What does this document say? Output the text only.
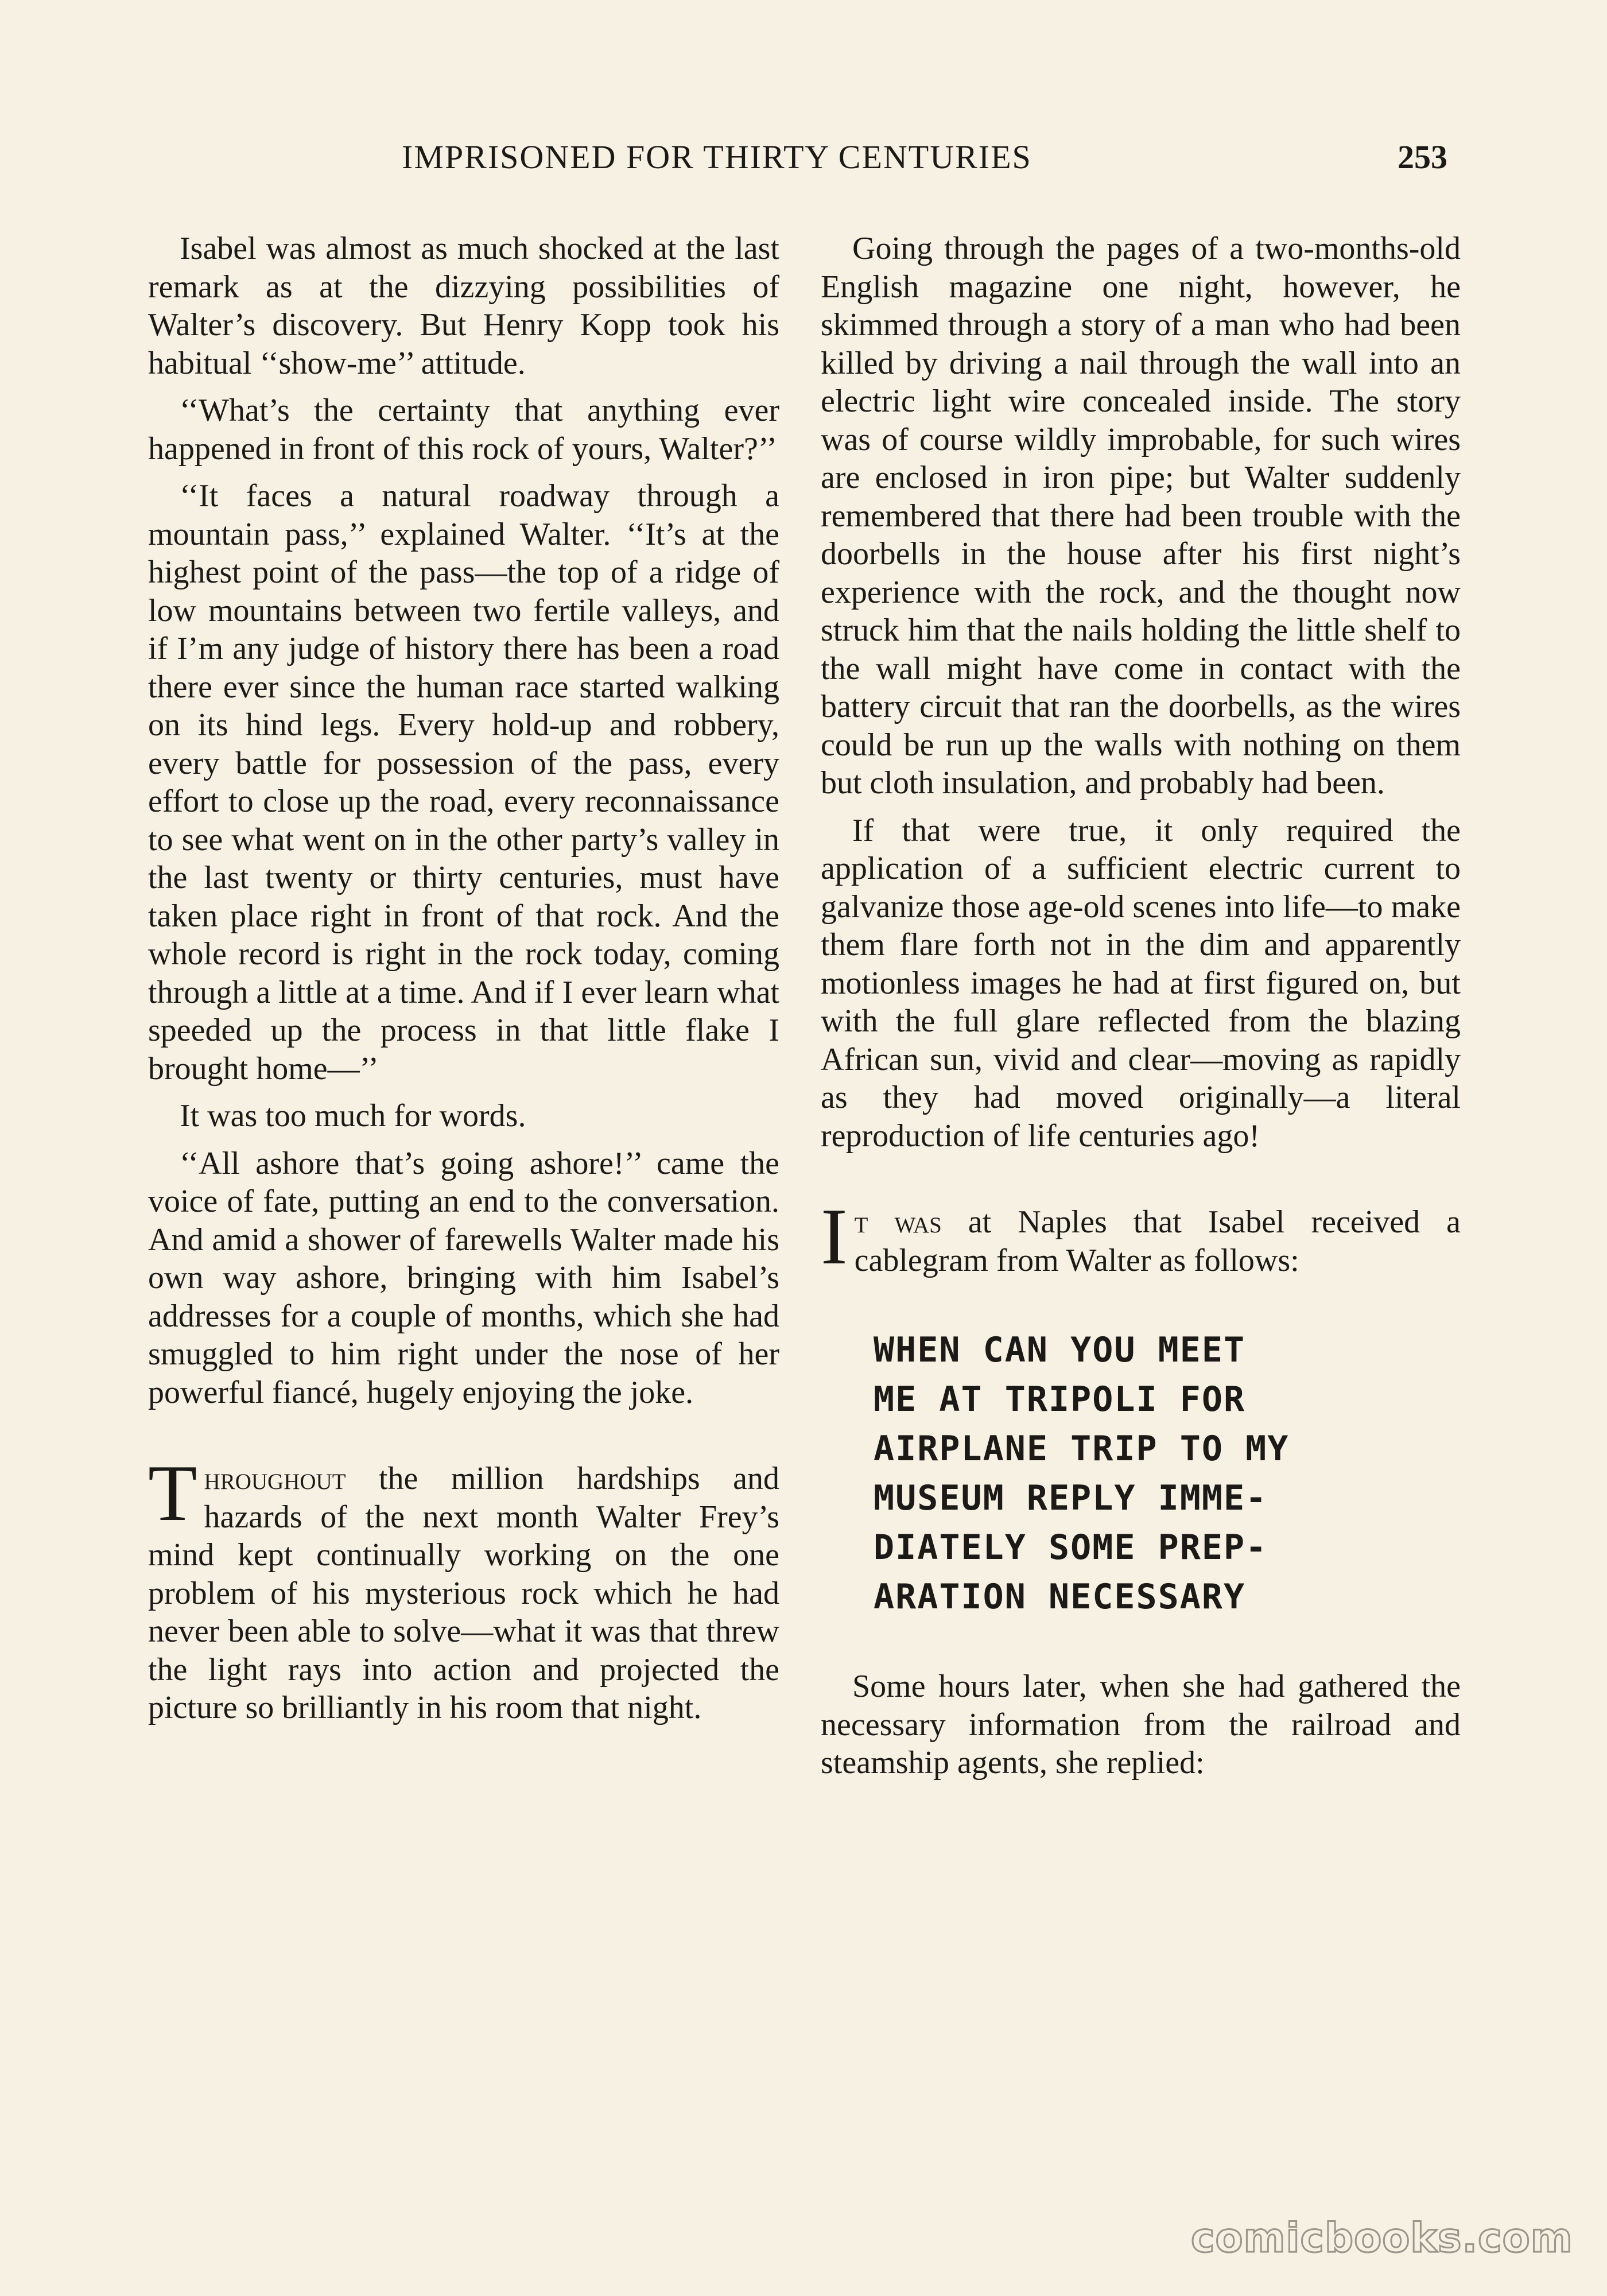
IMPRISONED FOR THIRTY CENTURIES	253

Isabel was almost as much shocked at the last remark as at the dizzying possibilities of Walter’s discovery. But Henry Kopp took his habitual ‘‘show-me’’ attitude.

‘‘What’s the certainty that anything ever happened in front of this rock of yours, Walter?’’

‘‘It faces a natural roadway through a mountain pass,’’ explained Walter. ‘‘It’s at the highest point of the pass—the top of a ridge of low mountains between two fertile valleys, and if I’m any judge of history there has been a road there ever since the human race started walking on its hind legs. Every hold-up and robbery, every battle for possession of the pass, every effort to close up the road, every reconnaissance to see what went on in the other party’s valley in the last twenty or thirty centuries, must have taken place right in front of that rock. And the whole record is right in the rock today, coming through a little at a time. And if I ever learn what speeded up the process in that little flake I brought home—’’

It was too much for words.

‘‘All ashore that’s going ashore!’’ came the voice of fate, putting an end to the conversation. And amid a shower of farewells Walter made his own way ashore, bringing with him Isabel’s addresses for a couple of months, which she had smuggled to him right under the nose of her powerful fiancé, hugely enjoying the joke.

Throughout the million hardships and hazards of the next month Walter Frey’s mind kept continually working on the one problem of his mysterious rock which he had never been able to solve—what it was that threw the light rays into action and projected the picture so brilliantly in his room that night.

Going through the pages of a two-months-old English magazine one night, however, he skimmed through a story of a man who had been killed by driving a nail through the wall into an electric light wire concealed inside. The story was of course wildly improbable, for such wires are enclosed in iron pipe; but Walter suddenly remembered that there had been trouble with the doorbells in the house after his first night’s experience with the rock, and the thought now struck him that the nails holding the little shelf to the wall might have come in contact with the battery circuit that ran the doorbells, as the wires could be run up the walls with nothing on them but cloth insulation, and probably had been.

If that were true, it only required the application of a sufficient electric current to galvanize those age-old scenes into life—to make them flare forth not in the dim and apparently motionless images he had at first figured on, but with the full glare reflected from the blazing African sun, vivid and clear—moving as rapidly as they had moved originally—a literal reproduction of life centuries ago!

It was at Naples that Isabel received a cablegram from Walter as follows:

WHEN CAN YOU MEET
ME AT TRIPOLI FOR
AIRPLANE TRIP TO MY
MUSEUM REPLY IMME-
DIATELY SOME PREP-
ARATION NECESSARY

Some hours later, when she had gathered the necessary information from the railroad and steamship agents, she replied:

comicbooks.com
